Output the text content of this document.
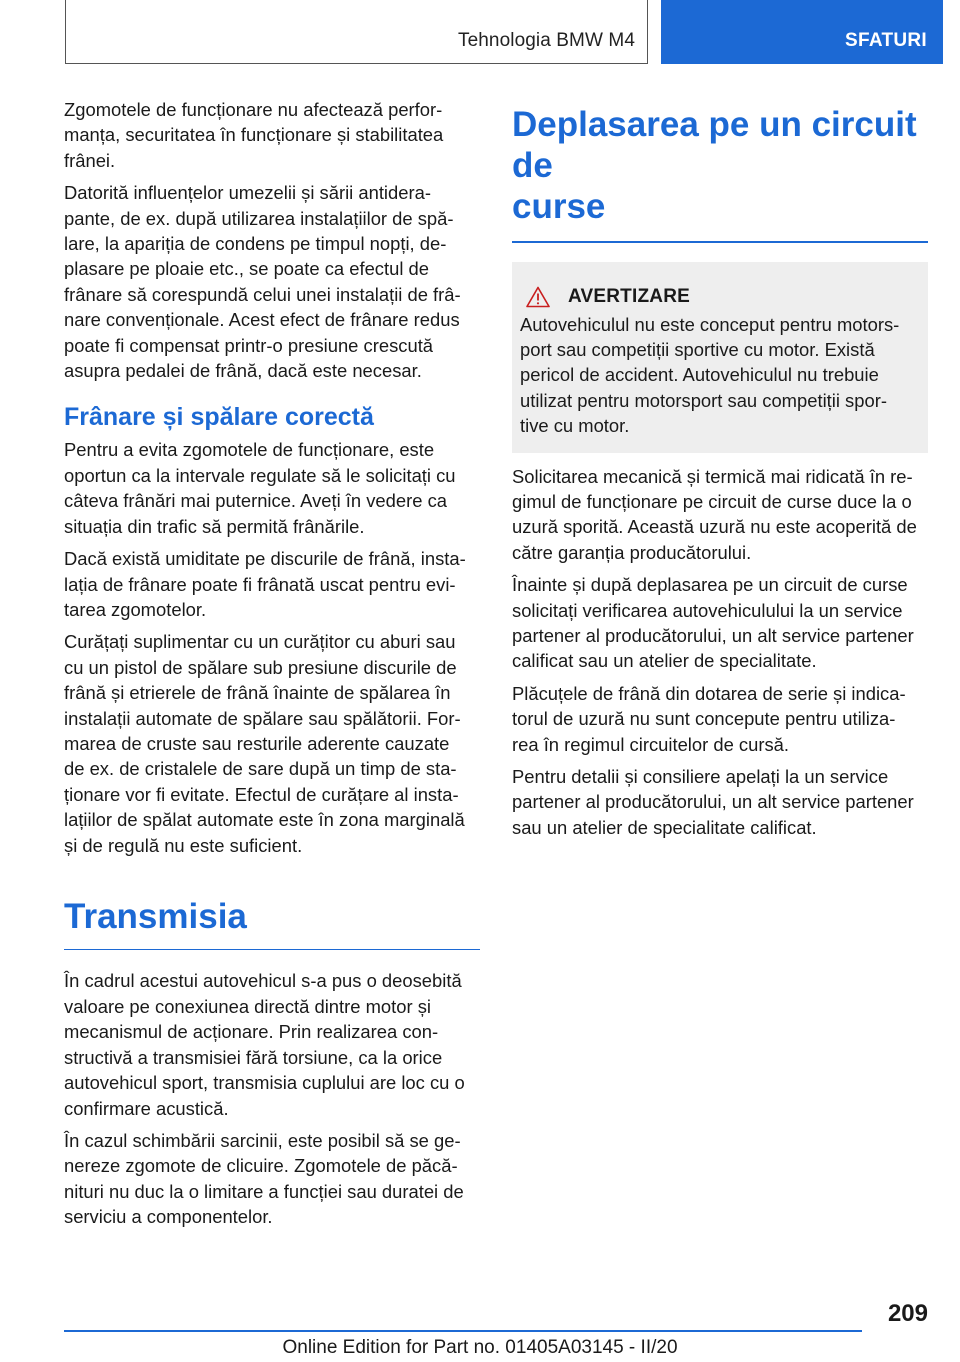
Tehnologia BMW M4	SFATURI

Zgomotele de funcționare nu afectează perfor‐
manța, securitatea în funcționare și stabilitatea
frânei.

Datorită influențelor umezelii și sării antidera‐
pante, de ex. după utilizarea instalațiilor de spă‐
lare, la apariția de condens pe timpul nopți, de‐
plasare pe ploaie etc., se poate ca efectul de
frânare să corespundă celui unei instalații de frâ‐
nare convenționale. Acest efect de frânare redus
poate fi compensat printr-o presiune crescută
asupra pedalei de frână, dacă este necesar.

Frânare și spălare corectă

Pentru a evita zgomotele de funcționare, este
oportun ca la intervale regulate să le solicitați cu
câteva frânări mai puternice. Aveți în vedere ca
situația din trafic să permită frânările.

Dacă există umiditate pe discurile de frână, insta‐
lația de frânare poate fi frânată uscat pentru evi‐
tarea zgomotelor.

Curățați suplimentar cu un curățitor cu aburi sau
cu un pistol de spălare sub presiune discurile de
frână și etrierele de frână înainte de spălarea în
instalații automate de spălare sau spălătorii. For‐
marea de cruste sau resturile aderente cauzate
de ex. de cristalele de sare după un timp de sta‐
ționare vor fi evitate. Efectul de curățare al insta‐
lațiilor de spălat automate este în zona marginală
și de regulă nu este suficient.

Transmisia

În cadrul acestui autovehicul s-a pus o deosebită
valoare pe conexiunea directă dintre motor și
mecanismul de acționare. Prin realizarea con‐
structivă a transmisiei fără torsiune, ca la orice
autovehicul sport, transmisia cuplului are loc cu o
confirmare acustică.

În cazul schimbării sarcinii, este posibil să se ge‐
nereze zgomote de clicuire. Zgomotele de păcă‐
nituri nu duc la o limitare a funcției sau duratei de
serviciu a componentelor.

Deplasarea pe un circuit de
curse
AVERTIZARE

Autovehiculul nu este conceput pentru motors‐
port sau competiții sportive cu motor. Există
pericol de accident. Autovehiculul nu trebuie
utilizat pentru motorsport sau competiții spor‐
tive cu motor.

Solicitarea mecanică și termică mai ridicată în re‐
gimul de funcționare pe circuit de curse duce la o
uzură sporită. Această uzură nu este acoperită de
către garanția producătorului.

Înainte și după deplasarea pe un circuit de curse
solicitați verificarea autovehiculului la un service
partener al producătorului, un alt service partener
calificat sau un atelier de specialitate.

Plăcuțele de frână din dotarea de serie și indica‐
torul de uzură nu sunt concepute pentru utiliza‐
rea în regimul circuitelor de cursă.

Pentru detalii și consiliere apelați la un service
partener al producătorului, un alt service partener
sau un atelier de specialitate calificat.

209
Online Edition for Part no. 01405A03145 - II/20
